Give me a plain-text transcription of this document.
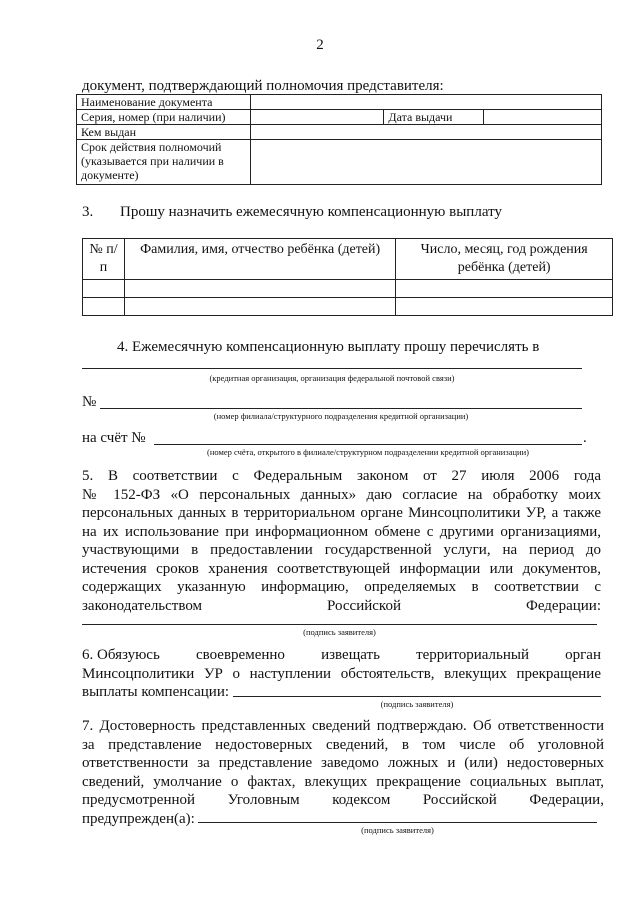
2
документ, подтверждающий полномочия представителя:
Наименование документа			
Серия, номер (при наличии)		Дата выдачи	
Кем выдан			
Срок действия полномочий (указывается при наличии в документе)			
3. Прошу назначить ежемесячную компенсационную выплату
№ п/п	Фамилия, имя, отчество ребёнка (детей)	Число, месяц, год рождения ребёнка (детей)

4. Ежемесячную компенсационную выплату прошу перечислять в
(кредитная организация, организация федеральной почтовой связи)
№
(номер филиала/структурного подразделения кредитной организации)
на счёт №	.
(номер счёта, открытого в филиале/структурном подразделении кредитной организации)
5. В соответствии с Федеральным законом от 27 июля 2006 года
№ 152-ФЗ «О персональных данных» даю согласие на обработку моих
персональных данных в территориальном органе Минсоцполитики УР, а также
на их использование при информационном обмене с другими организациями,
участвующими в предоставлении государственной услуги, на период до
истечения сроков хранения соответствующей информации или документов,
содержащих указанную информацию, определяемых в соответствии с
законодательством	Российской	Федерации:
(подпись заявителя)
6. Обязуюсь своевременно извещать территориальный орган
Минсоцполитики УР о наступлении обстоятельств, влекущих прекращение
выплаты компенсации:
(подпись заявителя)
7. Достоверность представленных сведений подтверждаю. Об ответственности
за представление недостоверных сведений, в том числе об уголовной
ответственности за представление заведомо ложных и (или) недостоверных
сведений, умолчание о фактах, влекущих прекращение социальных выплат,
предусмотренной Уголовным кодексом Российской Федерации,
предупрежден(а):
(подпись заявителя)
